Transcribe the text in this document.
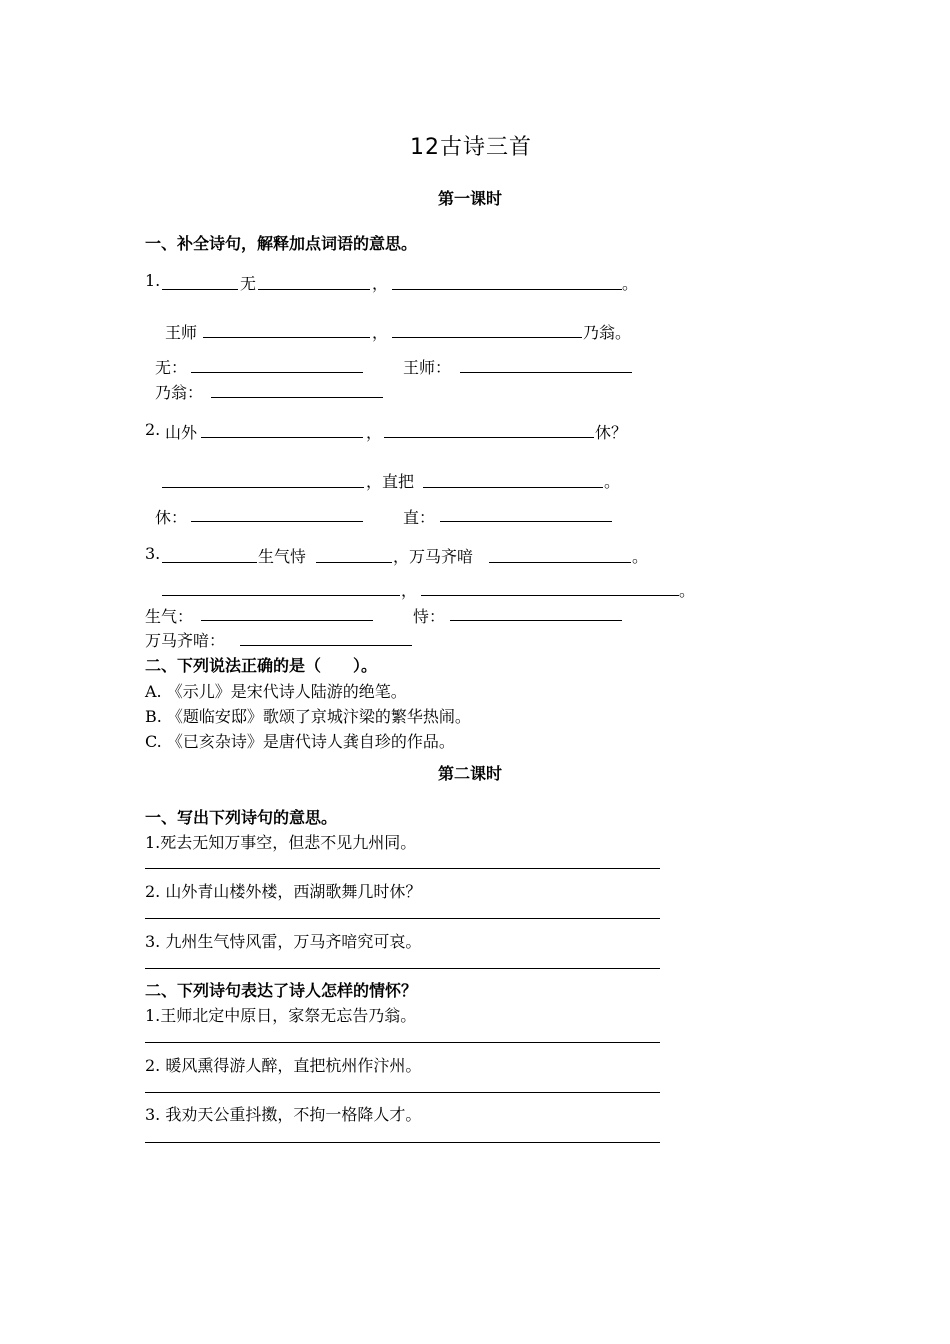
12古诗三首
第一课时
一、补全诗句，解释加点词语的意思。
1.	无	，	。
王师	，	乃翁。
无：	王师：
乃翁：
2. 山外	，	休？
，直把	。
休：	直：
3.	生气恃	，万马齐喑	。
，	。
生气：	恃：
万马齐喑：
二、下列说法正确的是（　　）。
A. 《示儿》是宋代诗人陆游的绝笔。
B. 《题临安邸》歌颂了京城汴梁的繁华热闹。
C. 《已亥杂诗》是唐代诗人龚自珍的作品。
第二课时
一、写出下列诗句的意思。
1.死去无知万事空，但悲不见九州同。
2. 山外青山楼外楼，西湖歌舞几时休？
3. 九州生气恃风雷，万马齐喑究可哀。
二、下列诗句表达了诗人怎样的情怀？
1.王师北定中原日，家祭无忘告乃翁。
2. 暖风熏得游人醉，直把杭州作汴州。
3. 我劝天公重抖擞，不拘一格降人才。
